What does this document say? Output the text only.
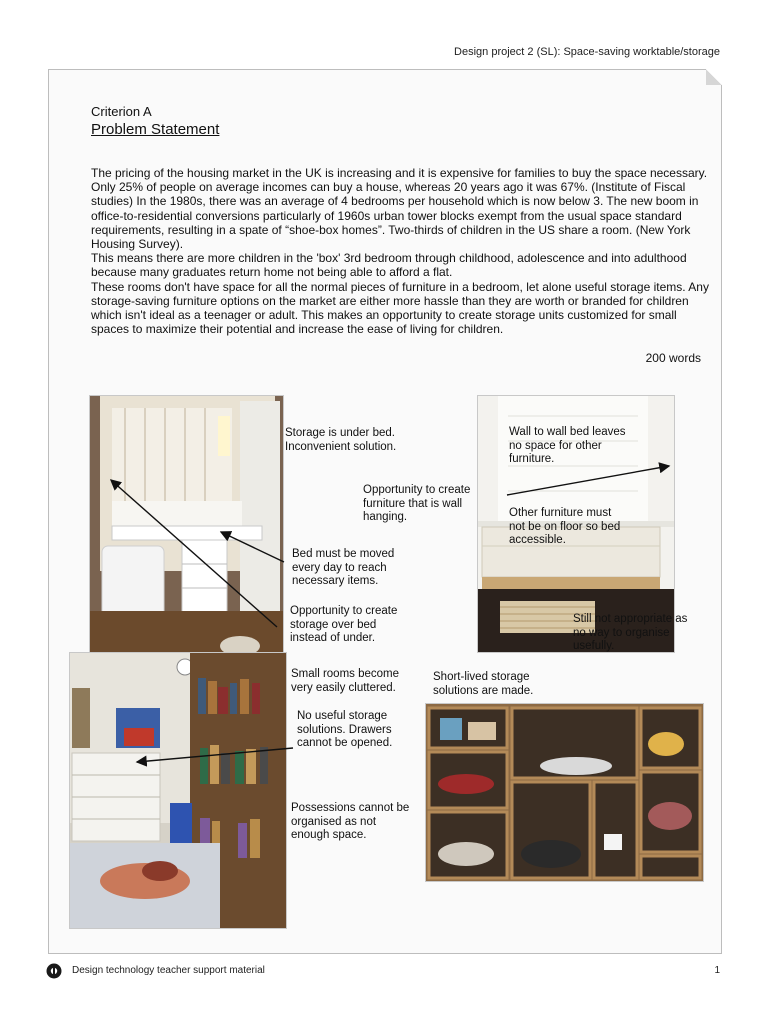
Design project 2 (SL): Space-saving worktable/storage
Criterion A
Problem Statement

The pricing of the housing market in the UK is increasing and it is expensive for families to buy the space necessary. Only 25% of people on average incomes can buy a house, whereas 20 years ago it was 67%. (Institute of Fiscal studies) In the 1980s, there was an average of 4 bedrooms per household which is now below 3. The new boom in office-to-residential conversions particularly of 1960s urban tower blocks exempt from the usual space standard requirements, resulting in a spate of “shoe-box homes”. Two-thirds of children in the US share a room. (New York Housing Survey).

This means there are more children in the 'box' 3rd bedroom through childhood, adolescence and into adulthood because many graduates return home not being able to afford a flat.

These rooms don't have space for all the normal pieces of furniture in a bedroom, let alone useful storage items. Any storage-saving furniture options on the market are either more hassle than they are worth or branded for children which isn't ideal as a teenager or adult. This makes an opportunity to create storage units customized for small spaces to maximize their potential and increase the ease of living for children.

200 words
Storage is under bed.
Inconvenient solution.
Opportunity to create
furniture that is wall
hanging.
Bed must be moved
every day to reach
necessary items.
Opportunity to create
storage over bed
instead of under.
Wall to wall bed leaves
no space for other
furniture.
Other furniture must
not be on floor so bed
accessible.
Still not appropriate as
no way to organise
usefully.
Small rooms become
very easily cluttered.
Short-lived storage
solutions are made.
No useful storage
solutions. Drawers
cannot be opened.
Possessions cannot be
organised as not
enough space.
Design technology teacher support material	1
